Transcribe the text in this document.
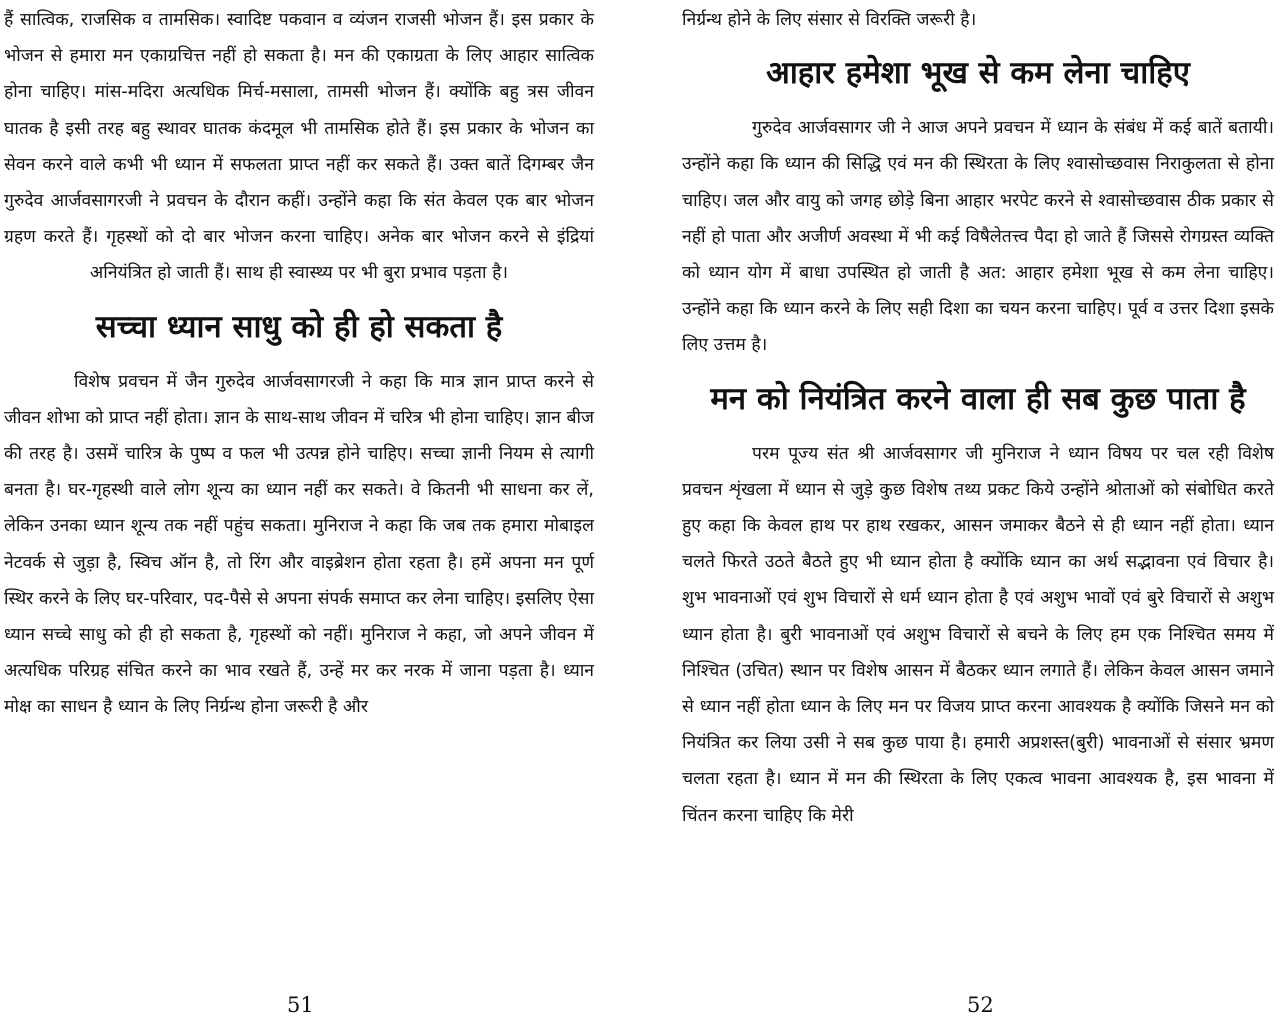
हैं सात्विक, राजसिक व तामसिक। स्वादिष्ट पकवान व व्यंजन राजसी भोजन हैं। इस प्रकार के भोजन से हमारा मन एकाग्रचित्त नहीं हो सकता है। मन की एकाग्रता के लिए आहार सात्विक होना चाहिए। मांस-मदिरा अत्यधिक मिर्च-मसाला, तामसी भोजन हैं। क्योंकि बहु त्रस जीवन घातक है इसी तरह बहु स्थावर घातक कंदमूल भी तामसिक होते हैं। इस प्रकार के भोजन का सेवन करने वाले कभी भी ध्यान में सफलता प्राप्त नहीं कर सकते हैं। उक्त बातें दिगम्बर जैन गुरुदेव आर्जवसागरजी ने प्रवचन के दौरान कहीं। उन्होंने कहा कि संत केवल एक बार भोजन ग्रहण करते हैं। गृहस्थों को दो बार भोजन करना चाहिए। अनेक बार भोजन करने से इंद्रियां अनियंत्रित हो जाती हैं। साथ ही स्वास्थ्य पर भी बुरा प्रभाव पड़ता है।

सच्चा ध्यान साधु को ही हो सकता है

विशेष प्रवचन में जैन गुरुदेव आर्जवसागरजी ने कहा कि मात्र ज्ञान प्राप्त करने से जीवन शोभा को प्राप्त नहीं होता। ज्ञान के साथ-साथ जीवन में चरित्र भी होना चाहिए। ज्ञान बीज की तरह है। उसमें चारित्र के पुष्प व फल भी उत्पन्न होने चाहिए। सच्चा ज्ञानी नियम से त्यागी बनता है। घर-गृहस्थी वाले लोग शून्य का ध्यान नहीं कर सकते। वे कितनी भी साधना कर लें, लेकिन उनका ध्यान शून्य तक नहीं पहुंच सकता। मुनिराज ने कहा कि जब तक हमारा मोबाइल नेटवर्क से जुड़ा है, स्विच ऑन है, तो रिंग और वाइब्रेशन होता रहता है। हमें अपना मन पूर्ण स्थिर करने के लिए घर-परिवार, पद-पैसे से अपना संपर्क समाप्त कर लेना चाहिए। इसलिए ऐसा ध्यान सच्चे साधु को ही हो सकता है, गृहस्थों को नहीं। मुनिराज ने कहा, जो अपने जीवन में अत्यधिक परिग्रह संचित करने का भाव रखते हैं, उन्हें मर कर नरक में जाना पड़ता है। ध्यान मोक्ष का साधन है ध्यान के लिए निर्ग्रन्थ होना जरूरी है और

निर्ग्रन्थ होने के लिए संसार से विरक्ति जरूरी है।

आहार हमेशा भूख से कम लेना चाहिए

गुरुदेव आर्जवसागर जी ने आज अपने प्रवचन में ध्यान के संबंध में कई बातें बतायी। उन्होंने कहा कि ध्यान की सिद्धि एवं मन की स्थिरता के लिए श्वासोच्छवास निराकुलता से होना चाहिए। जल और वायु को जगह छोड़े बिना आहार भरपेट करने से श्वासोच्छवास ठीक प्रकार से नहीं हो पाता और अजीर्ण अवस्था में भी कई विषैलेतत्त्व पैदा हो जाते हैं जिससे रोगग्रस्त व्यक्ति को ध्यान योग में बाधा उपस्थित हो जाती है अत: आहार हमेशा भूख से कम लेना चाहिए। उन्होंने कहा कि ध्यान करने के लिए सही दिशा का चयन करना चाहिए। पूर्व व उत्तर दिशा इसके लिए उत्तम है।

मन को नियंत्रित करने वाला ही सब कुछ पाता है

परम पूज्य संत श्री आर्जवसागर जी मुनिराज ने ध्यान विषय पर चल रही विशेष प्रवचन शृंखला में ध्यान से जुड़े कुछ विशेष तथ्य प्रकट किये उन्होंने श्रोताओं को संबोधित करते हुए कहा कि केवल हाथ पर हाथ रखकर, आसन जमाकर बैठने से ही ध्यान नहीं होता। ध्यान चलते फिरते उठते बैठते हुए भी ध्यान होता है क्योंकि ध्यान का अर्थ सद्भावना एवं विचार है। शुभ भावनाओं एवं शुभ विचारों से धर्म ध्यान होता है एवं अशुभ भावों एवं बुरे विचारों से अशुभ ध्यान होता है। बुरी भावनाओं एवं अशुभ विचारों से बचने के लिए हम एक निश्चित समय में निश्चित (उचित) स्थान पर विशेष आसन में बैठकर ध्यान लगाते हैं। लेकिन केवल आसन जमाने से ध्यान नहीं होता ध्यान के लिए मन पर विजय प्राप्त करना आवश्यक है क्योंकि जिसने मन को नियंत्रित कर लिया उसी ने सब कुछ पाया है। हमारी अप्रशस्त(बुरी) भावनाओं से संसार भ्रमण चलता रहता है। ध्यान में मन की स्थिरता के लिए एकत्व भावना आवश्यक है, इस भावना में चिंतन करना चाहिए कि मेरी

51	52
